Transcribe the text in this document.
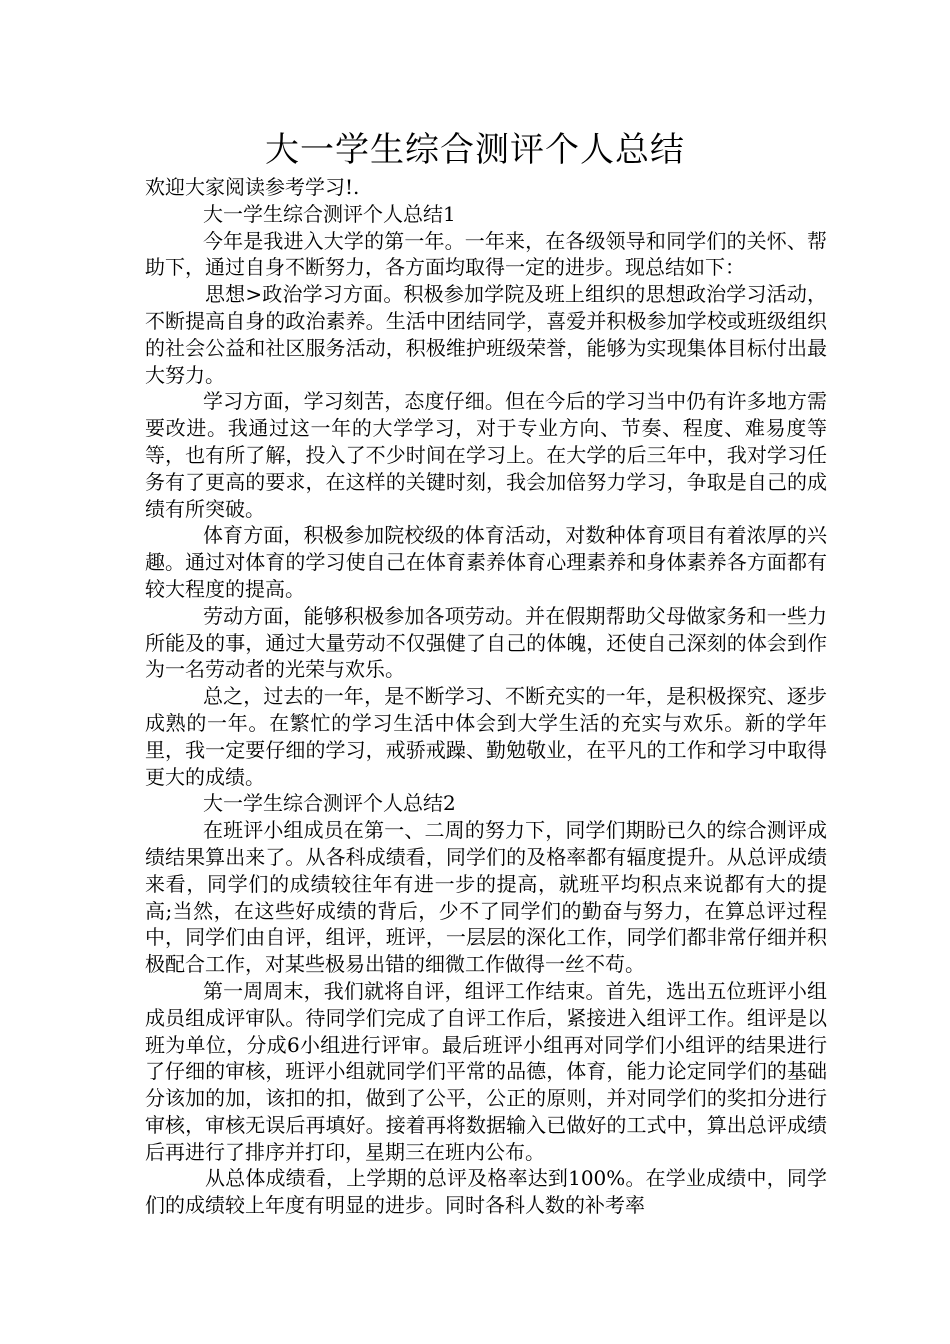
大一学生综合测评个人总结

欢迎大家阅读参考学习!.

大一学生综合测评个人总结1

今年是我进入大学的第一年。一年来，在各级领导和同学们的关怀、帮助下，通过自身不断努力，各方面均取得一定的进步。现总结如下：

思想>政治学习方面。积极参加学院及班上组织的思想政治学习活动，不断提高自身的政治素养。生活中团结同学，喜爱并积极参加学校或班级组织的社会公益和社区服务活动，积极维护班级荣誉，能够为实现集体目标付出最大努力。

学习方面，学习刻苦，态度仔细。但在今后的学习当中仍有许多地方需要改进。我通过这一年的大学学习，对于专业方向、节奏、程度、难易度等等，也有所了解，投入了不少时间在学习上。在大学的后三年中，我对学习任务有了更高的要求，在这样的关键时刻，我会加倍努力学习，争取是自己的成绩有所突破。

体育方面，积极参加院校级的体育活动，对数种体育项目有着浓厚的兴趣。通过对体育的学习使自己在体育素养体育心理素养和身体素养各方面都有较大程度的提高。

劳动方面，能够积极参加各项劳动。并在假期帮助父母做家务和一些力所能及的事，通过大量劳动不仅强健了自己的体魄，还使自己深刻的体会到作为一名劳动者的光荣与欢乐。

总之，过去的一年，是不断学习、不断充实的一年，是积极探究、逐步成熟的一年。在繁忙的学习生活中体会到大学生活的充实与欢乐。新的学年里，我一定要仔细的学习，戒骄戒躁、勤勉敬业，在平凡的工作和学习中取得更大的成绩。

大一学生综合测评个人总结2

在班评小组成员在第一、二周的努力下，同学们期盼已久的综合测评成绩结果算出来了。从各科成绩看，同学们的及格率都有辐度提升。从总评成绩来看，同学们的成绩较往年有进一步的提高，就班平均积点来说都有大的提高;当然，在这些好成绩的背后，少不了同学们的勤奋与努力，在算总评过程中，同学们由自评，组评，班评，一层层的深化工作，同学们都非常仔细并积极配合工作，对某些极易出错的细微工作做得一丝不苟。

第一周周末，我们就将自评，组评工作结束。首先，选出五位班评小组成员组成评审队。待同学们完成了自评工作后，紧接进入组评工作。组评是以班为单位，分成6小组进行评审。最后班评小组再对同学们小组评的结果进行了仔细的审核，班评小组就同学们平常的品德，体育，能力论定同学们的基础分该加的加，该扣的扣，做到了公平，公正的原则，并对同学们的奖扣分进行审核，审核无误后再填好。接着再将数据输入已做好的工式中，算出总评成绩后再进行了排序并打印，星期三在班内公布。

从总体成绩看，上学期的总评及格率达到100%。在学业成绩中，同学们的成绩较上年度有明显的进步。同时各科人数的补考率
